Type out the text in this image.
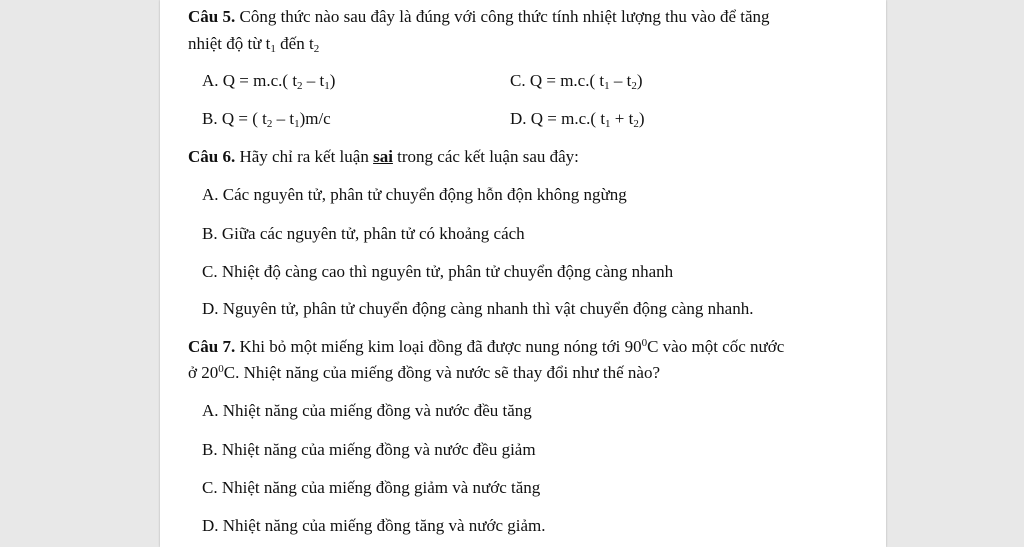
Câu 5. Công thức nào sau đây là đúng với công thức tính nhiệt lượng thu vào để tăng
nhiệt độ từ $t_1$ đến $t_2$
A. Q = m.c.( $t_2 - t_1$)	C. Q = m.c.( $t_1 - t_2$)
B. Q = ( $t_2 - t_1)m/c$	D. Q = m.c.( $t_1 + t_2$)
Câu 6. Hãy chỉ ra kết luận sai trong các kết luận sau đây:
A. Các nguyên tử, phân tử chuyển động hỗn độn không ngừng
B. Giữa các nguyên tử, phân tử có khoảng cách
C. Nhiệt độ càng cao thì nguyên tử, phân tử chuyển động càng nhanh
D. Nguyên tử, phân tử chuyển động càng nhanh thì vật chuyển động càng nhanh.
Câu 7. Khi bỏ một miếng kim loại đồng đã được nung nóng tới $90^0C$ vào một cốc nước
ở $20^0C$. Nhiệt năng của miếng đồng và nước sẽ thay đổi như thế nào?
A. Nhiệt năng của miếng đồng và nước đều tăng
B. Nhiệt năng của miếng đồng và nước đều giảm
C. Nhiệt năng của miếng đồng giảm và nước tăng
D. Nhiệt năng của miếng đồng tăng và nước giảm.
